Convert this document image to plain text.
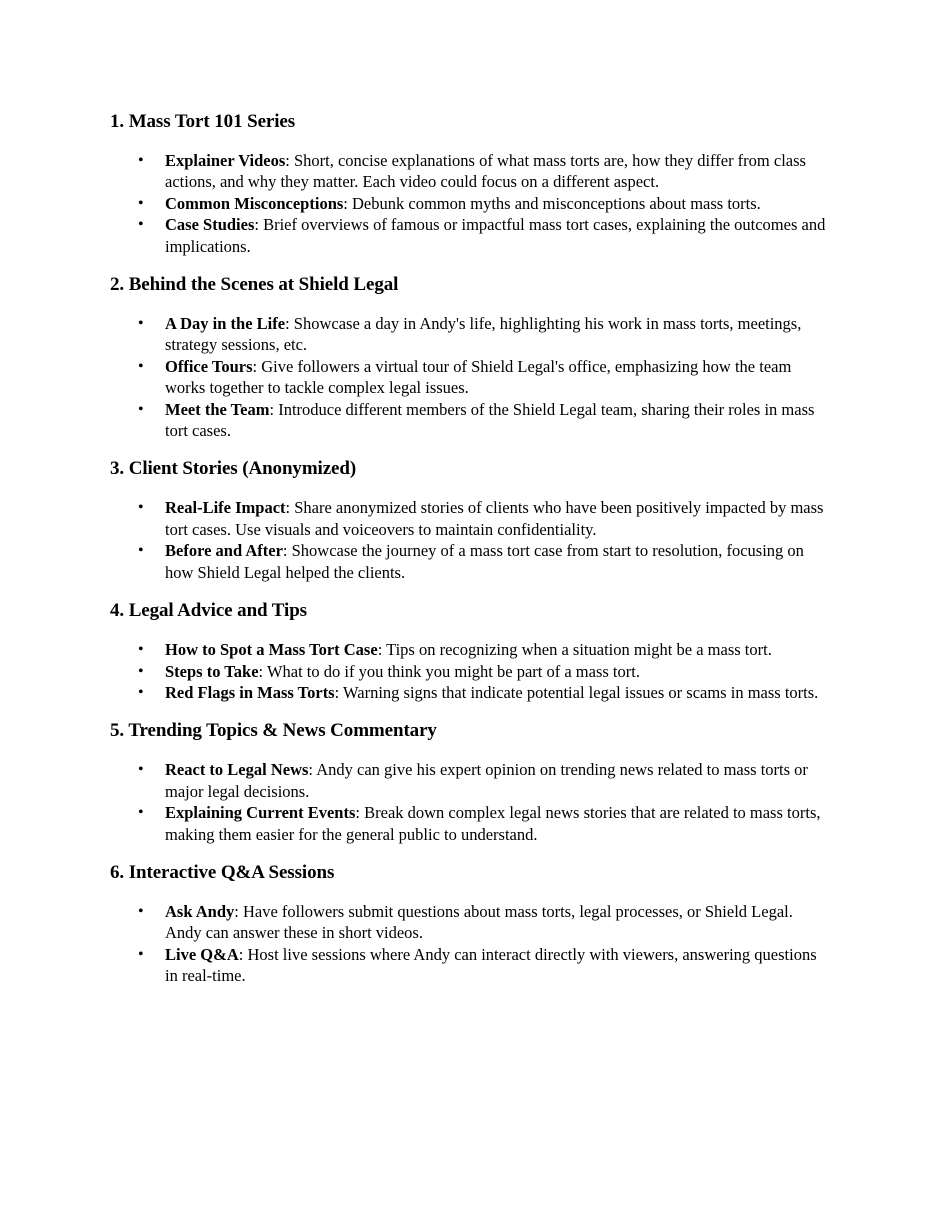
1. Mass Tort 101 Series
• Explainer Videos: Short, concise explanations of what mass torts are, how they differ from class actions, and why they matter. Each video could focus on a different aspect.
• Common Misconceptions: Debunk common myths and misconceptions about mass torts.
• Case Studies: Brief overviews of famous or impactful mass tort cases, explaining the outcomes and implications.
2. Behind the Scenes at Shield Legal
• A Day in the Life: Showcase a day in Andy's life, highlighting his work in mass torts, meetings, strategy sessions, etc.
• Office Tours: Give followers a virtual tour of Shield Legal's office, emphasizing how the team works together to tackle complex legal issues.
• Meet the Team: Introduce different members of the Shield Legal team, sharing their roles in mass tort cases.
3. Client Stories (Anonymized)
• Real-Life Impact: Share anonymized stories of clients who have been positively impacted by mass tort cases. Use visuals and voiceovers to maintain confidentiality.
• Before and After: Showcase the journey of a mass tort case from start to resolution, focusing on how Shield Legal helped the clients.
4. Legal Advice and Tips
• How to Spot a Mass Tort Case: Tips on recognizing when a situation might be a mass tort.
• Steps to Take: What to do if you think you might be part of a mass tort.
• Red Flags in Mass Torts: Warning signs that indicate potential legal issues or scams in mass torts.
5. Trending Topics & News Commentary
• React to Legal News: Andy can give his expert opinion on trending news related to mass torts or major legal decisions.
• Explaining Current Events: Break down complex legal news stories that are related to mass torts, making them easier for the general public to understand.
6. Interactive Q&A Sessions
• Ask Andy: Have followers submit questions about mass torts, legal processes, or Shield Legal. Andy can answer these in short videos.
• Live Q&A: Host live sessions where Andy can interact directly with viewers, answering questions in real-time.
